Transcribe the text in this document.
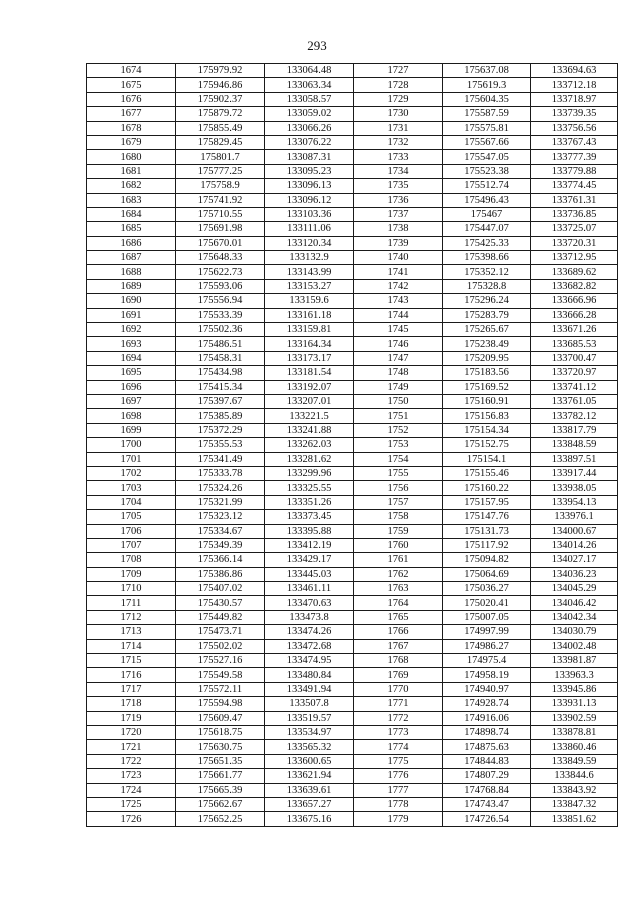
293
1674	175979.92	133064.48	1727	175637.08	133694.63
1675	175946.86	133063.34	1728	175619.3	133712.18
1676	175902.37	133058.57	1729	175604.35	133718.97
1677	175879.72	133059.02	1730	175587.59	133739.35
1678	175855.49	133066.26	1731	175575.81	133756.56
1679	175829.45	133076.22	1732	175567.66	133767.43
1680	175801.7	133087.31	1733	175547.05	133777.39
1681	175777.25	133095.23	1734	175523.38	133779.88
1682	175758.9	133096.13	1735	175512.74	133774.45
1683	175741.92	133096.12	1736	175496.43	133761.31
1684	175710.55	133103.36	1737	175467	133736.85
1685	175691.98	133111.06	1738	175447.07	133725.07
1686	175670.01	133120.34	1739	175425.33	133720.31
1687	175648.33	133132.9	1740	175398.66	133712.95
1688	175622.73	133143.99	1741	175352.12	133689.62
1689	175593.06	133153.27	1742	175328.8	133682.82
1690	175556.94	133159.6	1743	175296.24	133666.96
1691	175533.39	133161.18	1744	175283.79	133666.28
1692	175502.36	133159.81	1745	175265.67	133671.26
1693	175486.51	133164.34	1746	175238.49	133685.53
1694	175458.31	133173.17	1747	175209.95	133700.47
1695	175434.98	133181.54	1748	175183.56	133720.97
1696	175415.34	133192.07	1749	175169.52	133741.12
1697	175397.67	133207.01	1750	175160.91	133761.05
1698	175385.89	133221.5	1751	175156.83	133782.12
1699	175372.29	133241.88	1752	175154.34	133817.79
1700	175355.53	133262.03	1753	175152.75	133848.59
1701	175341.49	133281.62	1754	175154.1	133897.51
1702	175333.78	133299.96	1755	175155.46	133917.44
1703	175324.26	133325.55	1756	175160.22	133938.05
1704	175321.99	133351.26	1757	175157.95	133954.13
1705	175323.12	133373.45	1758	175147.76	133976.1
1706	175334.67	133395.88	1759	175131.73	134000.67
1707	175349.39	133412.19	1760	175117.92	134014.26
1708	175366.14	133429.17	1761	175094.82	134027.17
1709	175386.86	133445.03	1762	175064.69	134036.23
1710	175407.02	133461.11	1763	175036.27	134045.29
1711	175430.57	133470.63	1764	175020.41	134046.42
1712	175449.82	133473.8	1765	175007.05	134042.34
1713	175473.71	133474.26	1766	174997.99	134030.79
1714	175502.02	133472.68	1767	174986.27	134002.48
1715	175527.16	133474.95	1768	174975.4	133981.87
1716	175549.58	133480.84	1769	174958.19	133963.3
1717	175572.11	133491.94	1770	174940.97	133945.86
1718	175594.98	133507.8	1771	174928.74	133931.13
1719	175609.47	133519.57	1772	174916.06	133902.59
1720	175618.75	133534.97	1773	174898.74	133878.81
1721	175630.75	133565.32	1774	174875.63	133860.46
1722	175651.35	133600.65	1775	174844.83	133849.59
1723	175661.77	133621.94	1776	174807.29	133844.6
1724	175665.39	133639.61	1777	174768.84	133843.92
1725	175662.67	133657.27	1778	174743.47	133847.32
1726	175652.25	133675.16	1779	174726.54	133851.62
